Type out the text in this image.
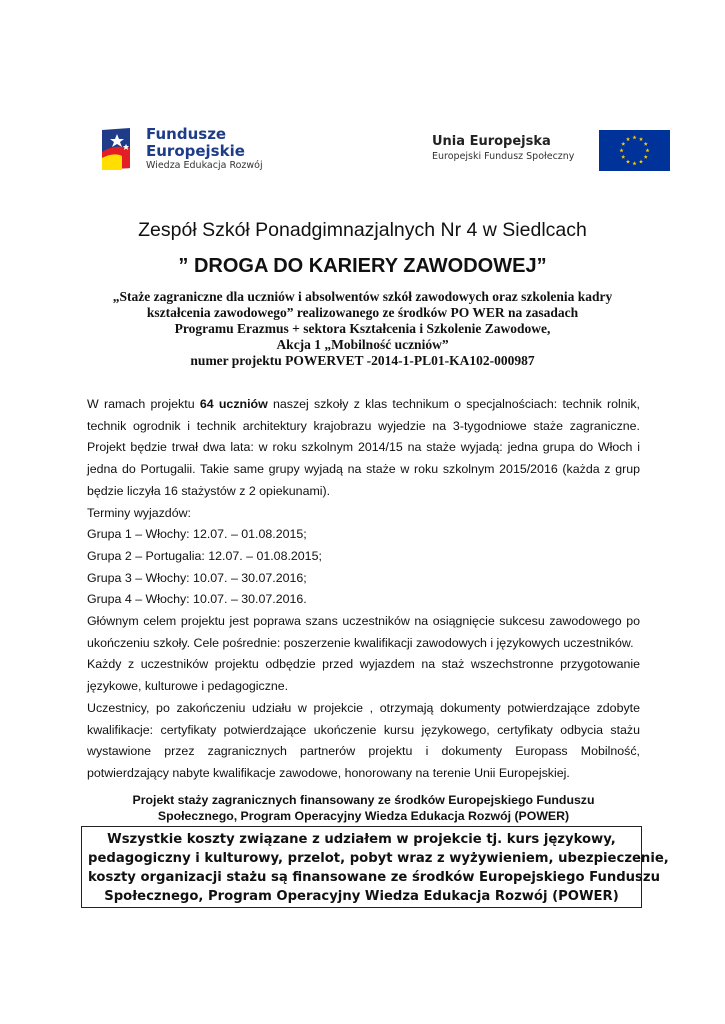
Fundusze
Europejskie
Wiedza Edukacja Rozwój
Unia Europejska
Europejski Fundusz Społeczny
Zespół Szkół Ponadgimnazjalnych Nr 4 w Siedlcach
” DROGA DO KARIERY ZAWODOWEJ”
„Staże zagraniczne dla uczniów i absolwentów szkół zawodowych oraz szkolenia kadry
kształcenia zawodowego” realizowanego ze środków PO WER na zasadach
Programu Erazmus + sektora Kształcenia i Szkolenie Zawodowe,
Akcja 1 „Mobilność uczniów”
numer projektu POWERVET -2014-1-PL01-KA102-000987

W ramach projektu 64 uczniów naszej szkoły z klas technikum o specjalnościach: technik rolnik, technik ogrodnik i technik architektury krajobrazu wyjedzie na 3-tygodniowe staże zagraniczne. Projekt będzie trwał dwa lata: w roku szkolnym 2014/15 na staże wyjadą: jedna grupa do Włoch i jedna do Portugalii. Takie same grupy wyjadą na staże w roku szkolnym 2015/2016 (każda z grup będzie liczyła 16 stażystów z 2 opiekunami).

Terminy wyjazdów:

Grupa 1 – Włochy: 12.07. – 01.08.2015;

Grupa 2 – Portugalia: 12.07. – 01.08.2015;

Grupa 3 – Włochy: 10.07. – 30.07.2016;

Grupa 4 – Włochy: 10.07. – 30.07.2016.

Głównym celem projektu jest poprawa szans uczestników na osiągnięcie sukcesu zawodowego po ukończeniu szkoły. Cele pośrednie: poszerzenie kwalifikacji zawodowych i językowych uczestników.

Każdy z uczestników projektu odbędzie przed wyjazdem na staż wszechstronne przygotowanie językowe, kulturowe i pedagogiczne.

Uczestnicy, po zakończeniu udziału w projekcie , otrzymają dokumenty potwierdzające zdobyte kwalifikacje: certyfikaty potwierdzające ukończenie kursu językowego, certyfikaty odbycia stażu wystawione przez zagranicznych partnerów projektu i dokumenty Europass Mobilność, potwierdzający nabyte kwalifikacje zawodowe, honorowany na terenie Unii Europejskiej.

Projekt staży zagranicznych finansowany ze środków Europejskiego Funduszu
Społecznego, Program Operacyjny Wiedza Edukacja Rozwój (POWER)
Wszystkie koszty związane z udziałem w projekcie tj. kurs językowy,
pedagogiczny i kulturowy, przelot, pobyt wraz z wyżywieniem, ubezpieczenie,
koszty organizacji stażu są finansowane ze środków Europejskiego Funduszu
Społecznego, Program Operacyjny Wiedza Edukacja Rozwój (POWER)
